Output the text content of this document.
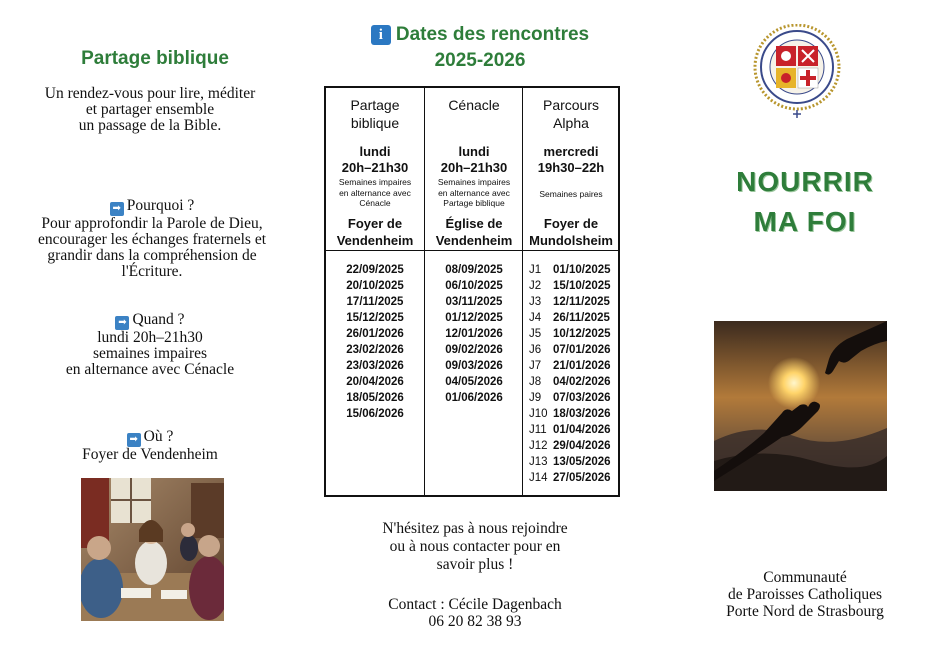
Partage biblique
Un rendez-vous pour lire, méditer
et partager ensemble
un passage de la Bible.
➡ Pourquoi ?
Pour approfondir la Parole de Dieu,
encourager les échanges fraternels et
grandir dans la compréhension de
l'Écriture.
➡ Quand ?
lundi 20h–21h30
semaines impaires
en alternance avec Cénacle
➡ Où ?
Foyer de Vendenheim
i Dates des rencontres
2025-2026
Partage
biblique
lundi
20h–21h30
Semaines impaires
en alternance avec
Cénacle
Foyer de
Vendenheim
22/09/2025
20/10/2025
17/11/2025
15/12/2025
26/01/2026
23/02/2026
23/03/2026
20/04/2026
18/05/2026
15/06/2026
Cénacle
lundi
20h–21h30
Semaines impaires
en alternance avec
Partage biblique
Église de
Vendenheim
08/09/2025
06/10/2025
03/11/2025
01/12/2025
12/01/2026
09/02/2026
09/03/2026
04/05/2026
01/06/2026
Parcours
Alpha
mercredi
19h30–22h
Semaines paires
Foyer de
Mundolsheim
J1 01/10/2025
J2 15/10/2025
J3 12/11/2025
J4 26/11/2025
J5 10/12/2025
J6 07/01/2026
J7 21/01/2026
J8 04/02/2026
J9 07/03/2026
J10 18/03/2026
J11 01/04/2026
J12 29/04/2026
J13 13/05/2026
J14 27/05/2026
N'hésitez pas à nous rejoindre
ou à nous contacter pour en
savoir plus !
Contact : Cécile Dagenbach
06 20 82 38 93
NOURRIR
MA FOI
Communauté
de Paroisses Catholiques
Porte Nord de Strasbourg
